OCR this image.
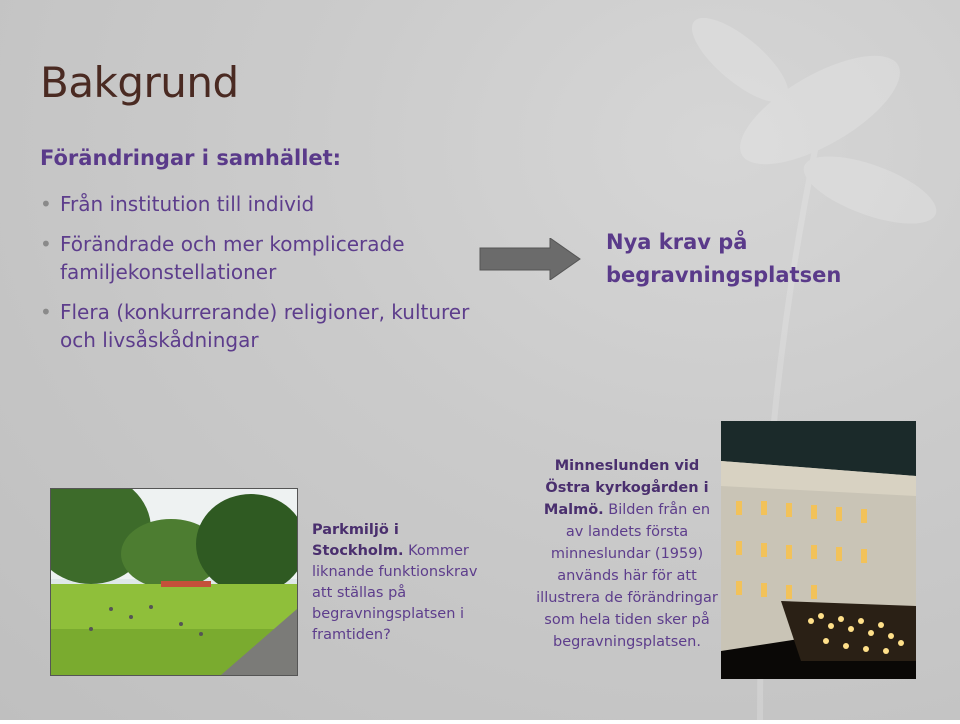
Bakgrund
Förändringar i samhället:
• Från institution till individ
• Förändrade och mer komplicerade familjekonstellationer
• Flera (konkurrerande) religioner, kulturer och livsåskådningar
Nya krav på begravningsplatsen
Parkmiljö i Stockholm. Kommer liknande funktionskrav att ställas på begravningsplatsen i framtiden?
Minneslunden vid Östra kyrkogården i Malmö. Bilden från en av landets första minneslundar (1959) används här för att illustrera de förändringar som hela tiden sker på begravningsplatsen.
